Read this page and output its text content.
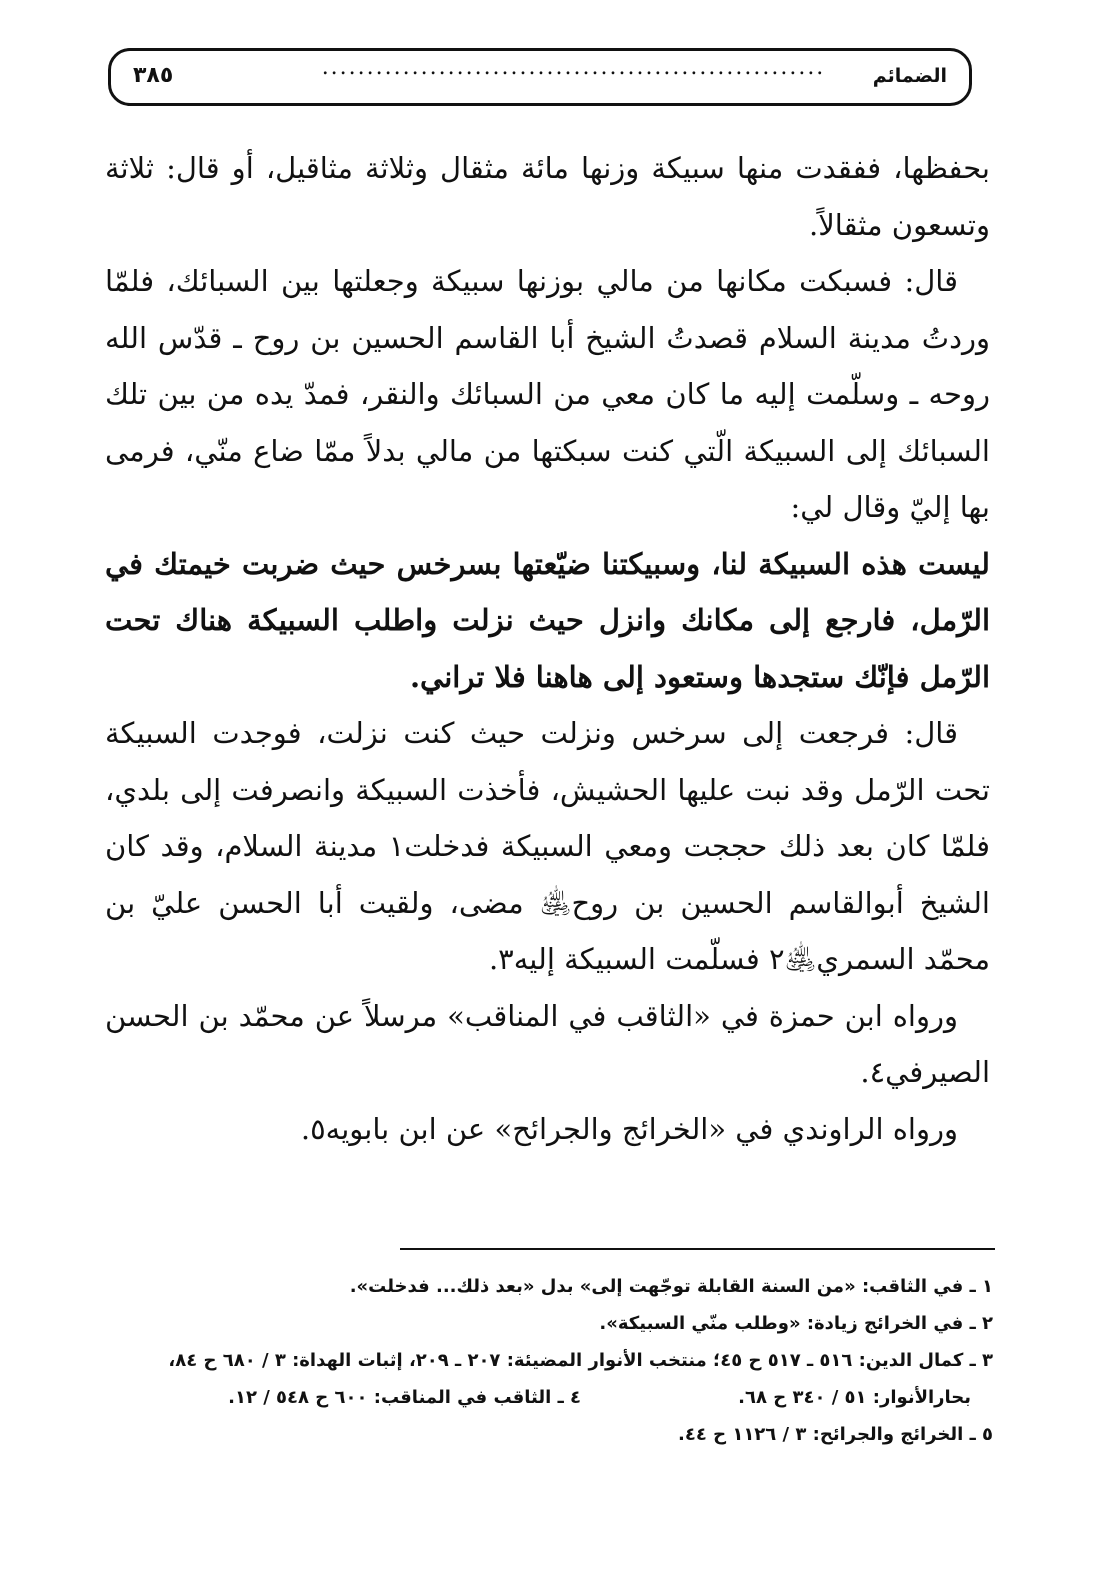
الضمائم
........................................................
٣٨٥

بحفظها، ففقدت منها سبيكة وزنها مائة مثقال وثلاثة مثاقيل، أو قال: ثلاثة وتسعون مثقالاً.

قال: فسبكت مكانها من مالي بوزنها سبيكة وجعلتها بين السبائك، فلمّا وردتُ مدينة السلام قصدتُ الشيخ أبا القاسم الحسين بن روح ـ قدّس الله روحه ـ وسلّمت إليه ما كان معي من السبائك والنقر، فمدّ يده من بين تلك السبائك إلى السبيكة الّتي كنت سبكتها من مالي بدلاً ممّا ضاع منّي، فرمى بها إليّ وقال لي:

ليست هذه السبيكة لنا، وسبيكتنا ضيّعتها بسرخس حيث ضربت خيمتك في الرّمل، فارجع إلى مكانك وانزل حيث نزلت واطلب السبيكة هناك تحت الرّمل فإنّك ستجدها وستعود إلى هاهنا فلا تراني.

قال: فرجعت إلى سرخس ونزلت حيث كنت نزلت، فوجدت السبيكة تحت الرّمل وقد نبت عليها الحشيش، فأخذت السبيكة وانصرفت إلى بلدي، فلمّا كان بعد ذلك حججت ومعي السبيكة فدخلت١ مدينة السلام، وقد كان الشيخ أبوالقاسم الحسين بن روح﵁ مضى، ولقيت أبا الحسن عليّ بن محمّد السمري﵁٢ فسلّمت السبيكة إليه٣.

ورواه ابن حمزة في «الثاقب في المناقب» مرسلاً عن محمّد بن الحسن الصيرفي٤.

ورواه الراوندي في «الخرائج والجرائح» عن ابن بابويه٥.

١ ـ في الثاقب: «من السنة القابلة توجّهت إلى» بدل «بعد ذلك... فدخلت».

٢ ـ في الخرائج زيادة: «وطلب منّي السبيكة».

٣ ـ كمال الدين: ٥١٦ ـ ٥١٧ ح ٤٥؛ منتخب الأنوار المضيئة: ٢٠٧ ـ ٢٠٩، إثبات الهداة: ٣ / ٦٨٠ ح ٨٤،

بحارالأنوار: ٥١ / ٣٤٠ ح ٦٨.

٤ ـ الثاقب في المناقب: ٦٠٠ ح ٥٤٨ / ١٢.

٥ ـ الخرائج والجرائح: ٣ / ١١٢٦ ح ٤٤.
